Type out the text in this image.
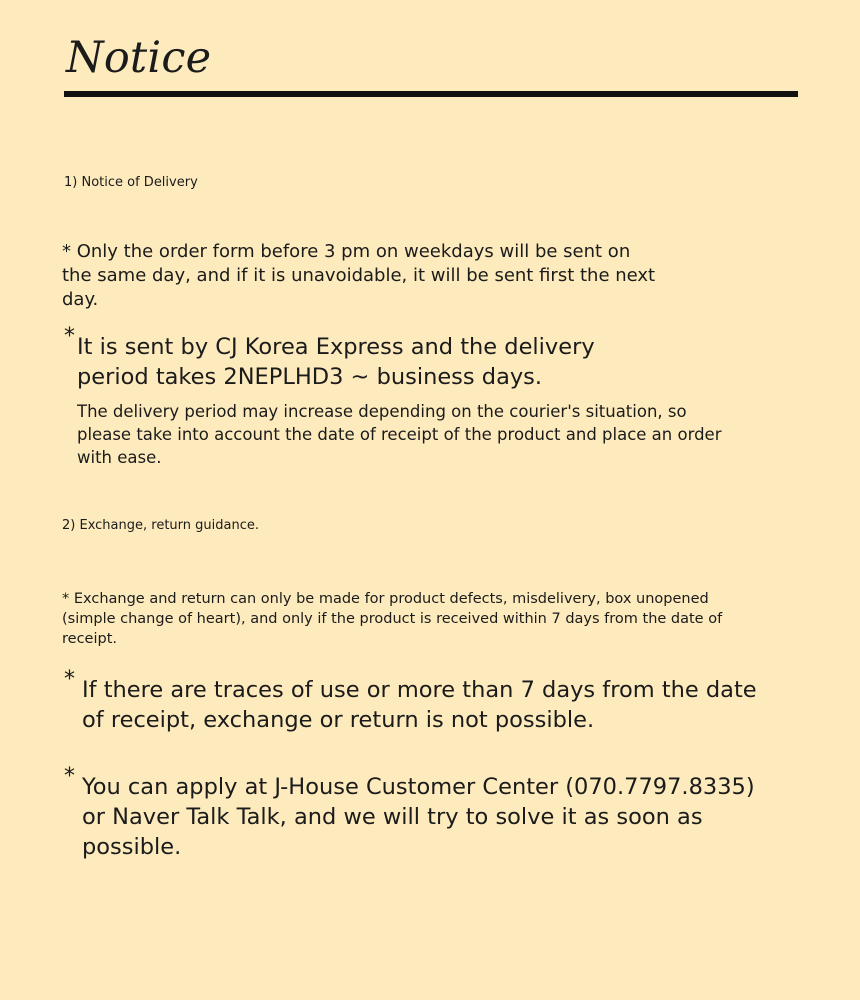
Notice

1) Notice of Delivery

* Only the order form before 3 pm on weekdays will be sent on the same day, and if it is unavoidable, it will be sent first the next day.

* It is sent by CJ Korea Express and the delivery period takes 2NEPLHD3 ~ business days.
The delivery period may increase depending on the courier's situation, so please take into account the date of receipt of the product and place an order with ease.

2) Exchange, return guidance.

* Exchange and return can only be made for product defects, misdelivery, box unopened (simple change of heart), and only if the product is received within 7 days from the date of receipt.

* If there are traces of use or more than 7 days from the date of receipt, exchange or return is not possible.
* You can apply at J-House Customer Center (070.7797.8335) or Naver Talk Talk, and we will try to solve it as soon as possible.
